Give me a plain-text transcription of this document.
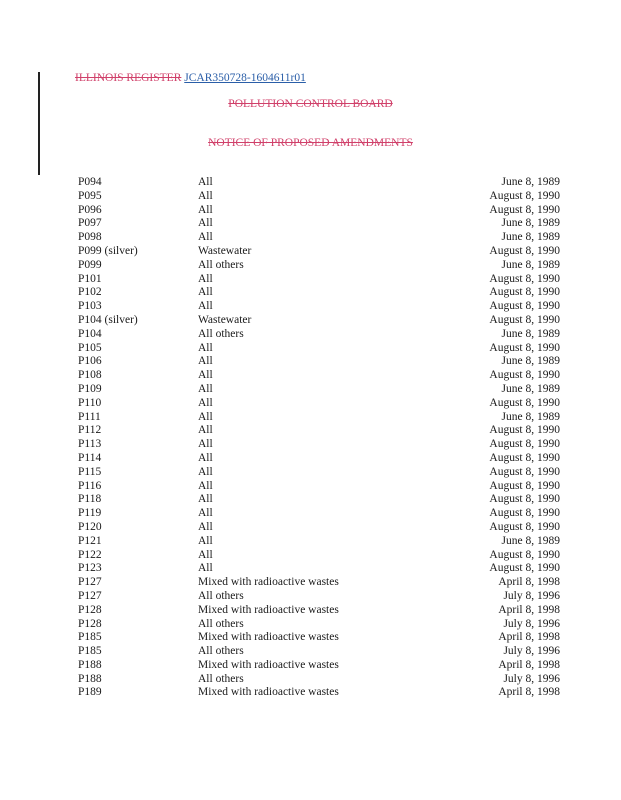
ILLINOIS REGISTER JCAR350728-1604611r01
POLLUTION CONTROL BOARD
NOTICE OF PROPOSED AMENDMENTS
P094	All	June 8, 1989
P095	All	August 8, 1990
P096	All	August 8, 1990
P097	All	June 8, 1989
P098	All	June 8, 1989
P099 (silver)	Wastewater	August 8, 1990
P099	All others	June 8, 1989
P101	All	August 8, 1990
P102	All	August 8, 1990
P103	All	August 8, 1990
P104 (silver)	Wastewater	August 8, 1990
P104	All others	June 8, 1989
P105	All	August 8, 1990
P106	All	June 8, 1989
P108	All	August 8, 1990
P109	All	June 8, 1989
P110	All	August 8, 1990
P111	All	June 8, 1989
P112	All	August 8, 1990
P113	All	August 8, 1990
P114	All	August 8, 1990
P115	All	August 8, 1990
P116	All	August 8, 1990
P118	All	August 8, 1990
P119	All	August 8, 1990
P120	All	August 8, 1990
P121	All	June 8, 1989
P122	All	August 8, 1990
P123	All	August 8, 1990
P127	Mixed with radioactive wastes	April 8, 1998
P127	All others	July 8, 1996
P128	Mixed with radioactive wastes	April 8, 1998
P128	All others	July 8, 1996
P185	Mixed with radioactive wastes	April 8, 1998
P185	All others	July 8, 1996
P188	Mixed with radioactive wastes	April 8, 1998
P188	All others	July 8, 1996
P189	Mixed with radioactive wastes	April 8, 1998
